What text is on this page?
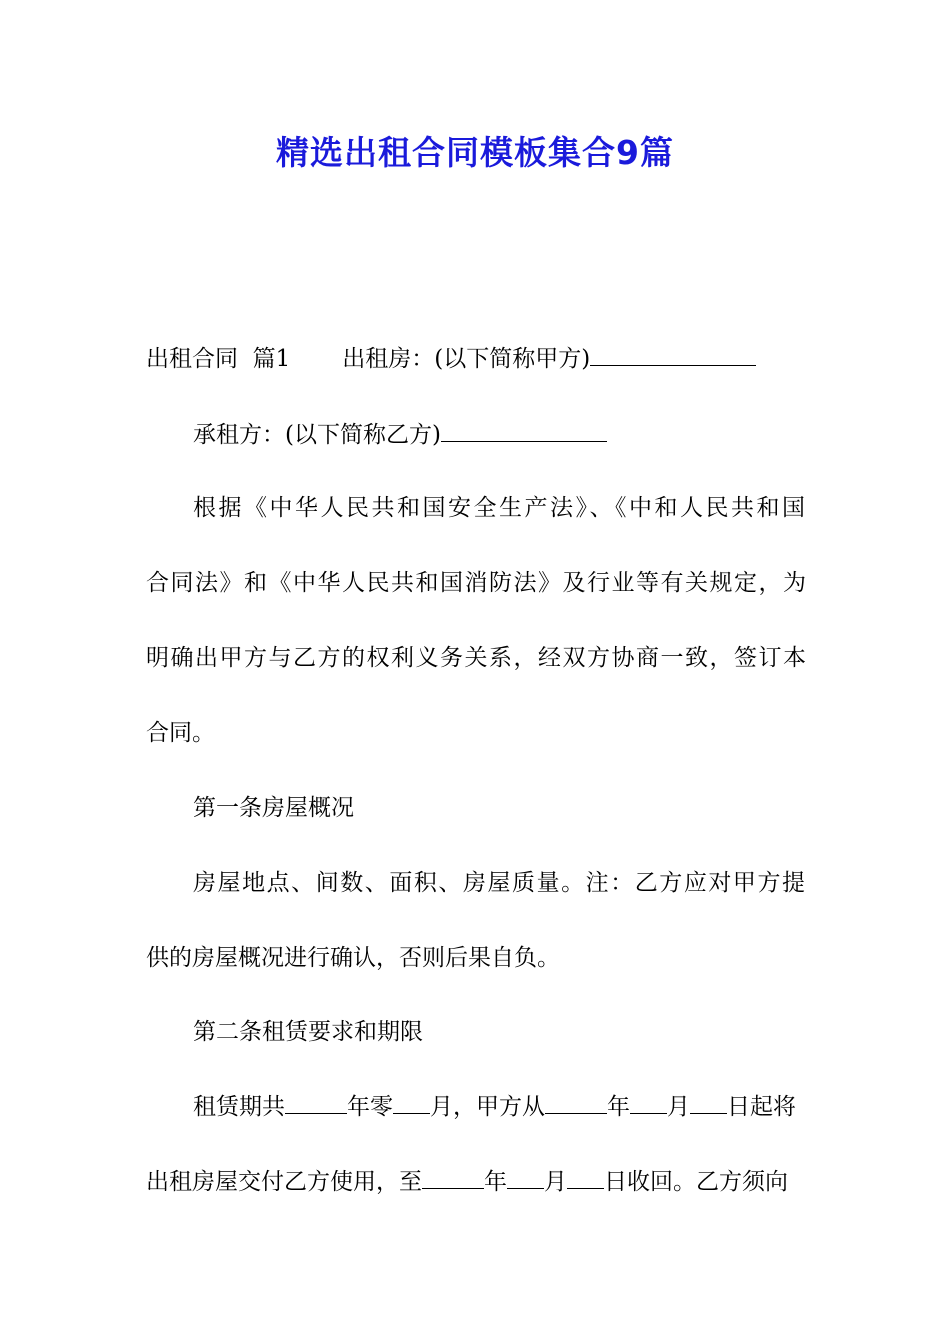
精选出租合同模板集合9篇
出租合同  篇1 出租房：(以下简称甲方)
承租方：(以下简称乙方)
根据《中华人民共和国安全生产法》、《中和人民共和国
合同法》和《中华人民共和国消防法》及行业等有关规定，为
明确出甲方与乙方的权利义务关系，经双方协商一致，签订本
合同。
第一条房屋概况
房屋地点、间数、面积、房屋质量。注：乙方应对甲方提
供的房屋概况进行确认，否则后果自负。
第二条租赁要求和期限
租赁期共	年零 月，甲方从	年 月 日起将
出租房屋交付乙方使用，至	年 月 日收回。乙方须向
